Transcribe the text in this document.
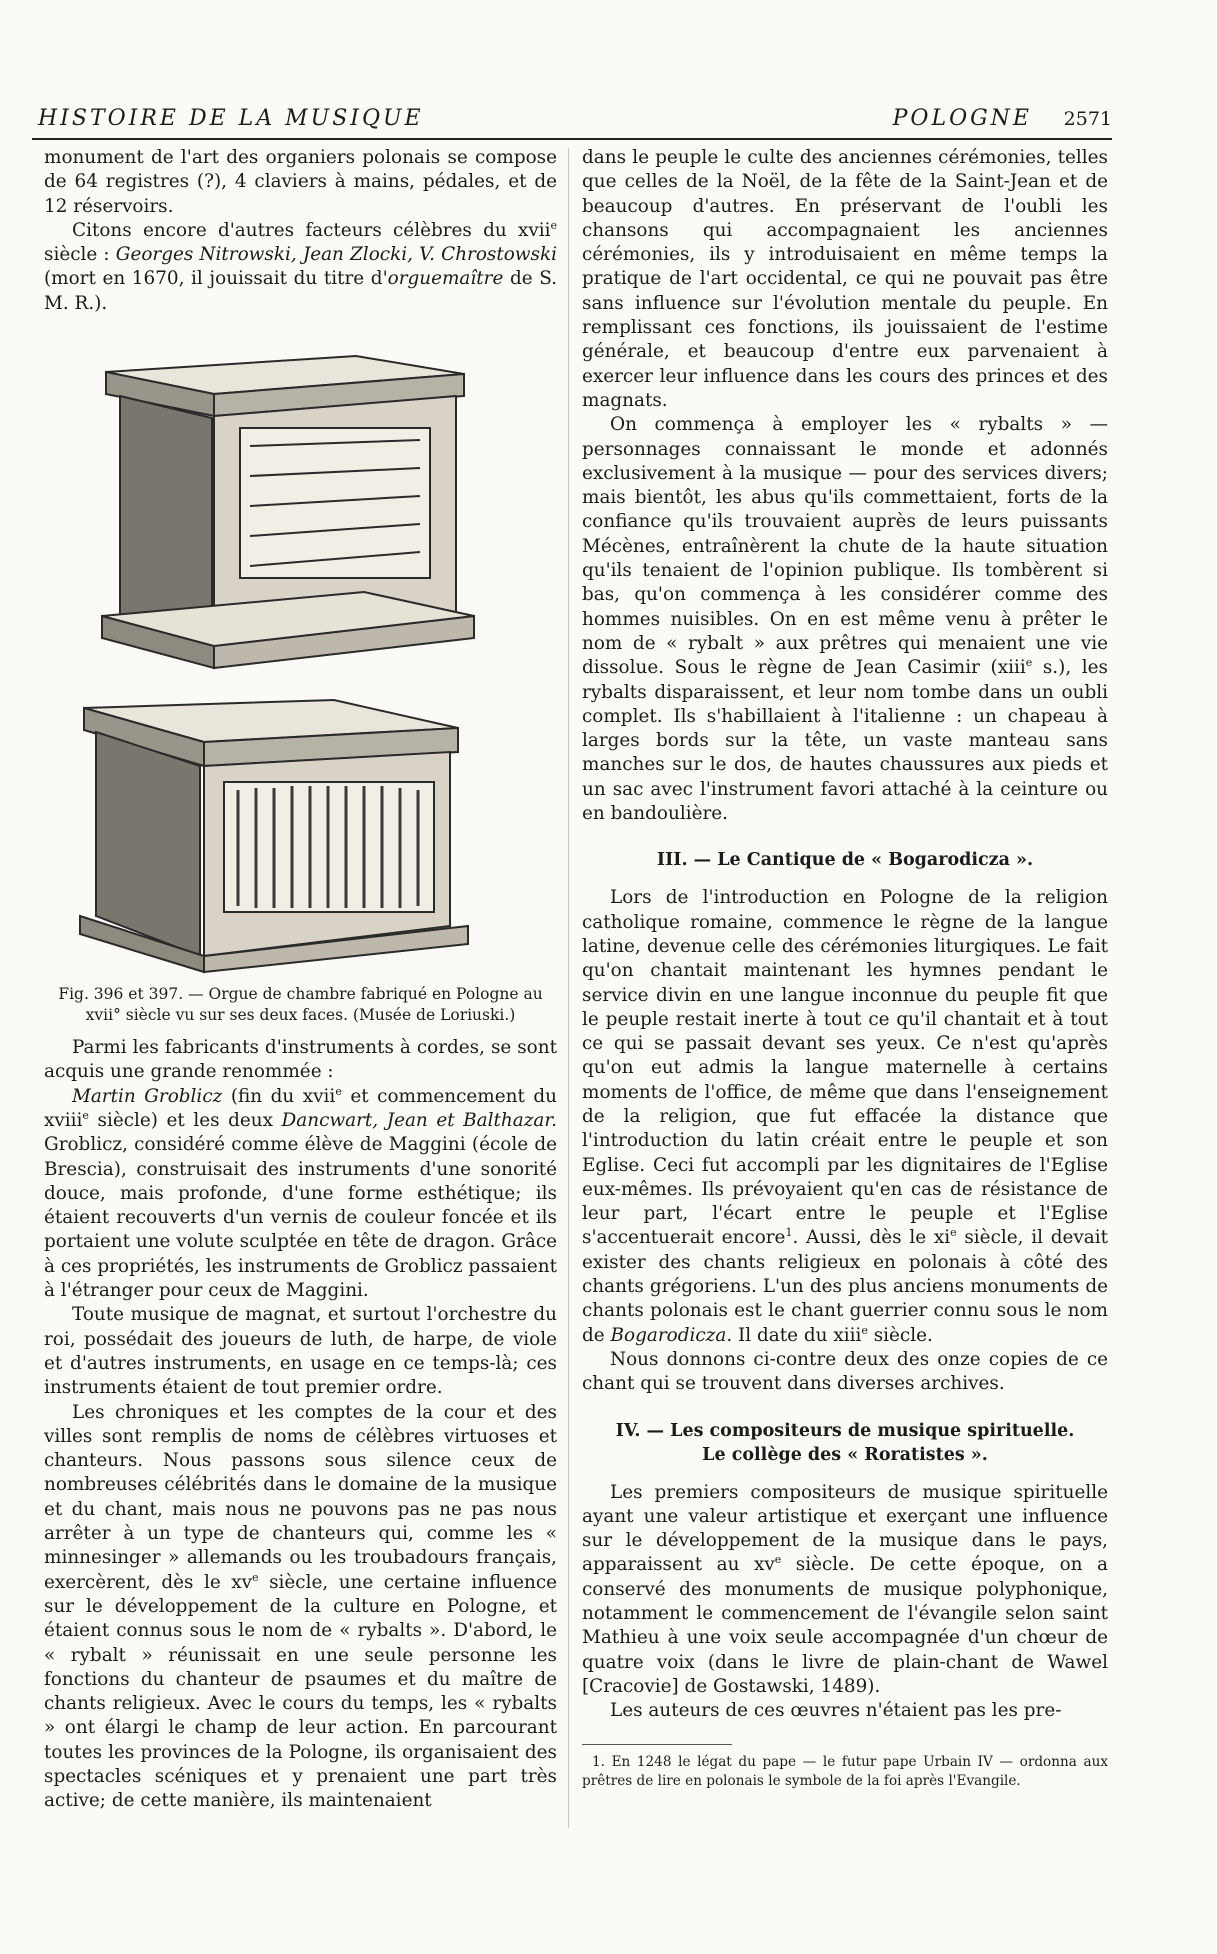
HISTOIRE DE LA MUSIQUE	POLOGNE 2571

monument de l'art des organiers polonais se compose de 64 registres (?), 4 claviers à mains, pédales, et de 12 réservoirs.

Citons encore d'autres facteurs célèbres du xvii$^e$ siècle : Georges Nitrowski, Jean Zlocki, V. Chrostowski (mort en 1670, il jouissait du titre d'orguemaître de S. M. R.).

Fig. 396 et 397. — Orgue de chambre fabriqué en Pologne au xvii° siècle vu sur ses deux faces. (Musée de Loriuski.)

Parmi les fabricants d'instruments à cordes, se sont acquis une grande renommée :

Martin Groblicz (fin du xvii$^e$ et commencement du xviii$^e$ siècle) et les deux Dancwart, Jean et Balthazar. Groblicz, considéré comme élève de Maggini (école de Brescia), construisait des instruments d'une sonorité douce, mais profonde, d'une forme esthétique; ils étaient recouverts d'un vernis de couleur foncée et ils portaient une volute sculptée en tête de dragon. Grâce à ces propriétés, les instruments de Groblicz passaient à l'étranger pour ceux de Maggini.

Toute musique de magnat, et surtout l'orchestre du roi, possédait des joueurs de luth, de harpe, de viole et d'autres instruments, en usage en ce temps-là; ces instruments étaient de tout premier ordre.

Les chroniques et les comptes de la cour et des villes sont remplis de noms de célèbres virtuoses et chanteurs. Nous passons sous silence ceux de nombreuses célébrités dans le domaine de la musique et du chant, mais nous ne pouvons pas ne pas nous arrêter à un type de chanteurs qui, comme les « minnesinger » allemands ou les troubadours français, exercèrent, dès le $xv^e$ siècle, une certaine influence sur le développement de la culture en Pologne, et étaient connus sous le nom de « rybalts ». D'abord, le « rybalt » réunissait en une seule personne les fonctions du chanteur de psaumes et du maître de chants religieux. Avec le cours du temps, les « rybalts » ont élargi le champ de leur action. En parcourant toutes les provinces de la Pologne, ils organisaient des spectacles scéniques et y prenaient une part très active; de cette manière, ils maintenaient

dans le peuple le culte des anciennes cérémonies, telles que celles de la Noël, de la fête de la Saint-Jean et de beaucoup d'autres. En préservant de l'oubli les chansons qui accompagnaient les anciennes cérémonies, ils y introduisaient en même temps la pratique de l'art occidental, ce qui ne pouvait pas être sans influence sur l'évolution mentale du peuple. En remplissant ces fonctions, ils jouissaient de l'estime générale, et beaucoup d'entre eux parvenaient à exercer leur influence dans les cours des princes et des magnats.

On commença à employer les « rybalts » — personnages connaissant le monde et adonnés exclusivement à la musique — pour des services divers; mais bientôt, les abus qu'ils commettaient, forts de la confiance qu'ils trouvaient auprès de leurs puissants Mécènes, entraînèrent la chute de la haute situation qu'ils tenaient de l'opinion publique. Ils tombèrent si bas, qu'on commença à les considérer comme des hommes nuisibles. On en est même venu à prêter le nom de « rybalt » aux prêtres qui menaient une vie dissolue. Sous le règne de Jean Casimir (xiii$^e$ s.), les rybalts disparaissent, et leur nom tombe dans un oubli complet. Ils s'habillaient à l'italienne : un chapeau à larges bords sur la tête, un vaste manteau sans manches sur le dos, de hautes chaussures aux pieds et un sac avec l'instrument favori attaché à la ceinture ou en bandoulière.

III. — Le Cantique de « Bogarodicza ».

Lors de l'introduction en Pologne de la religion catholique romaine, commence le règne de la langue latine, devenue celle des cérémonies liturgiques. Le fait qu'on chantait maintenant les hymnes pendant le service divin en une langue inconnue du peuple fit que le peuple restait inerte à tout ce qu'il chantait et à tout ce qui se passait devant ses yeux. Ce n'est qu'après qu'on eut admis la langue maternelle à certains moments de l'office, de même que dans l'enseignement de la religion, que fut effacée la distance que l'introduction du latin créait entre le peuple et son Eglise. Ceci fut accompli par les dignitaires de l'Eglise eux-mêmes. Ils prévoyaient qu'en cas de résistance de leur part, l'écart entre le peuple et l'Eglise s'accentuerait encore$^1$. Aussi, dès le $xi^e$ siècle, il devait exister des chants religieux en polonais à côté des chants grégoriens. L'un des plus anciens monuments de chants polonais est le chant guerrier connu sous le nom de Bogarodicza. Il date du xiii$^e$ siècle.

Nous donnons ci-contre deux des onze copies de ce chant qui se trouvent dans diverses archives.

IV. — Les compositeurs de musique spirituelle.
Le collège des « Roratistes ».

Les premiers compositeurs de musique spirituelle ayant une valeur artistique et exerçant une influence sur le développement de la musique dans le pays, apparaissent au $xv^e$ siècle. De cette époque, on a conservé des monuments de musique polyphonique, notamment le commencement de l'évangile selon saint Mathieu à une voix seule accompagnée d'un chœur de quatre voix (dans le livre de plain-chant de Wawel [Cracovie] de Gostawski, 1489).

Les auteurs de ces œuvres n'étaient pas les pre-

1. En 1248 le légat du pape — le futur pape Urbain IV — ordonna aux prêtres de lire en polonais le symbole de la foi après l'Evangile.
